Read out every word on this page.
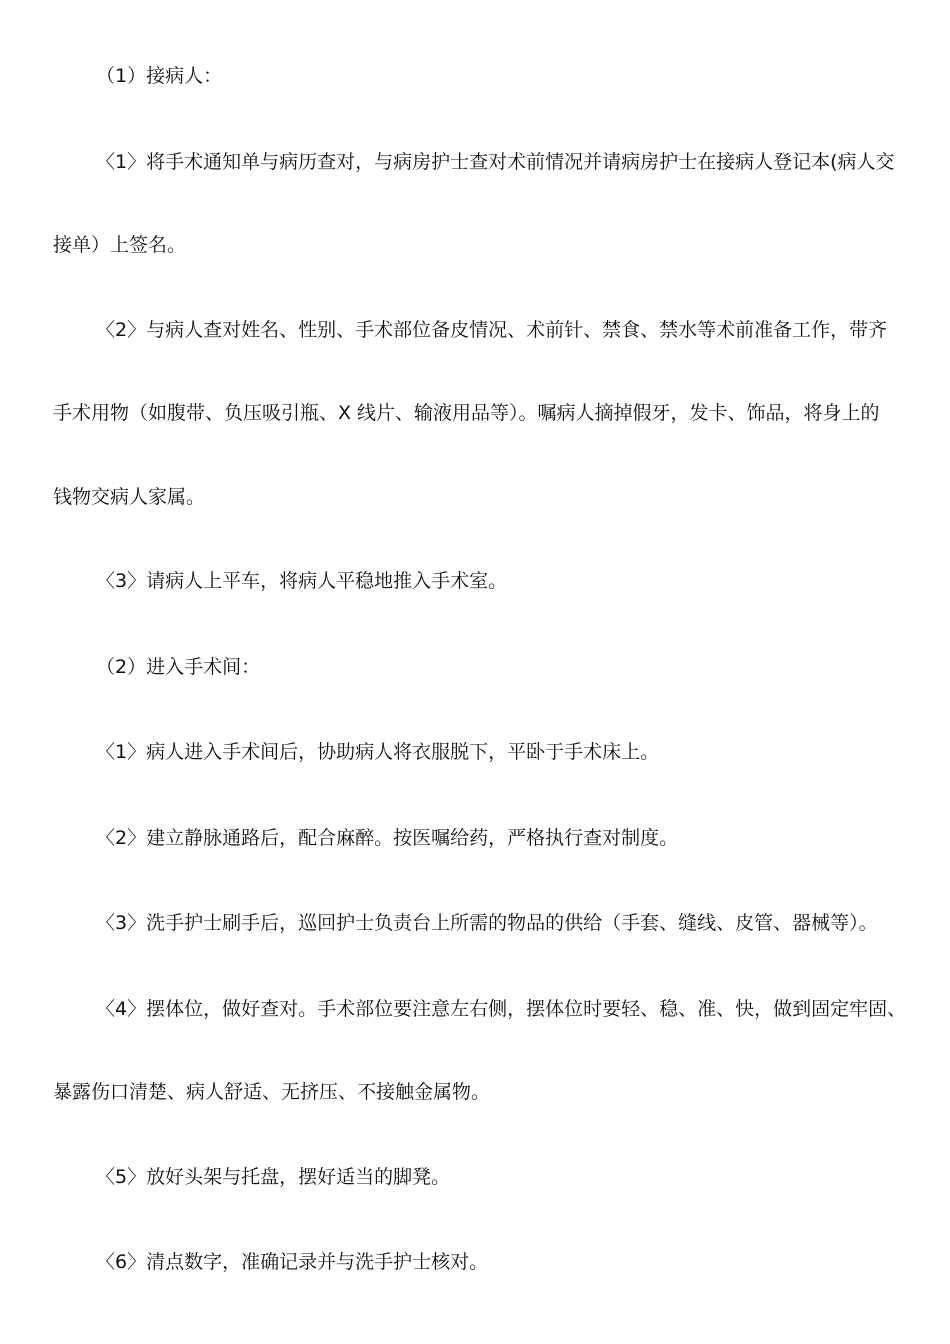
（1）接病人：
〈1〉将手术通知单与病历查对，与病房护士查对术前情况并请病房护士在接病人登记本(病人交
接单）上签名。
〈2〉与病人查对姓名、性别、手术部位备皮情况、术前针、禁食、禁水等术前准备工作，带齐
手术用物（如腹带、负压吸引瓶、X 线片、输液用品等）。嘱病人摘掉假牙，发卡、饰品，将身上的
钱物交病人家属。
〈3〉请病人上平车，将病人平稳地推入手术室。
（2）进入手术间：
〈1〉病人进入手术间后，协助病人将衣服脱下，平卧于手术床上。
〈2〉建立静脉通路后，配合麻醉。按医嘱给药，严格执行查对制度。
〈3〉洗手护士刷手后，巡回护士负责台上所需的物品的供给（手套、缝线、皮管、器械等）。
〈4〉摆体位，做好查对。手术部位要注意左右侧，摆体位时要轻、稳、准、快，做到固定牢固、
暴露伤口清楚、病人舒适、无挤压、不接触金属物。
〈5〉放好头架与托盘，摆好适当的脚凳。
〈6〉清点数字，准确记录并与洗手护士核对。
